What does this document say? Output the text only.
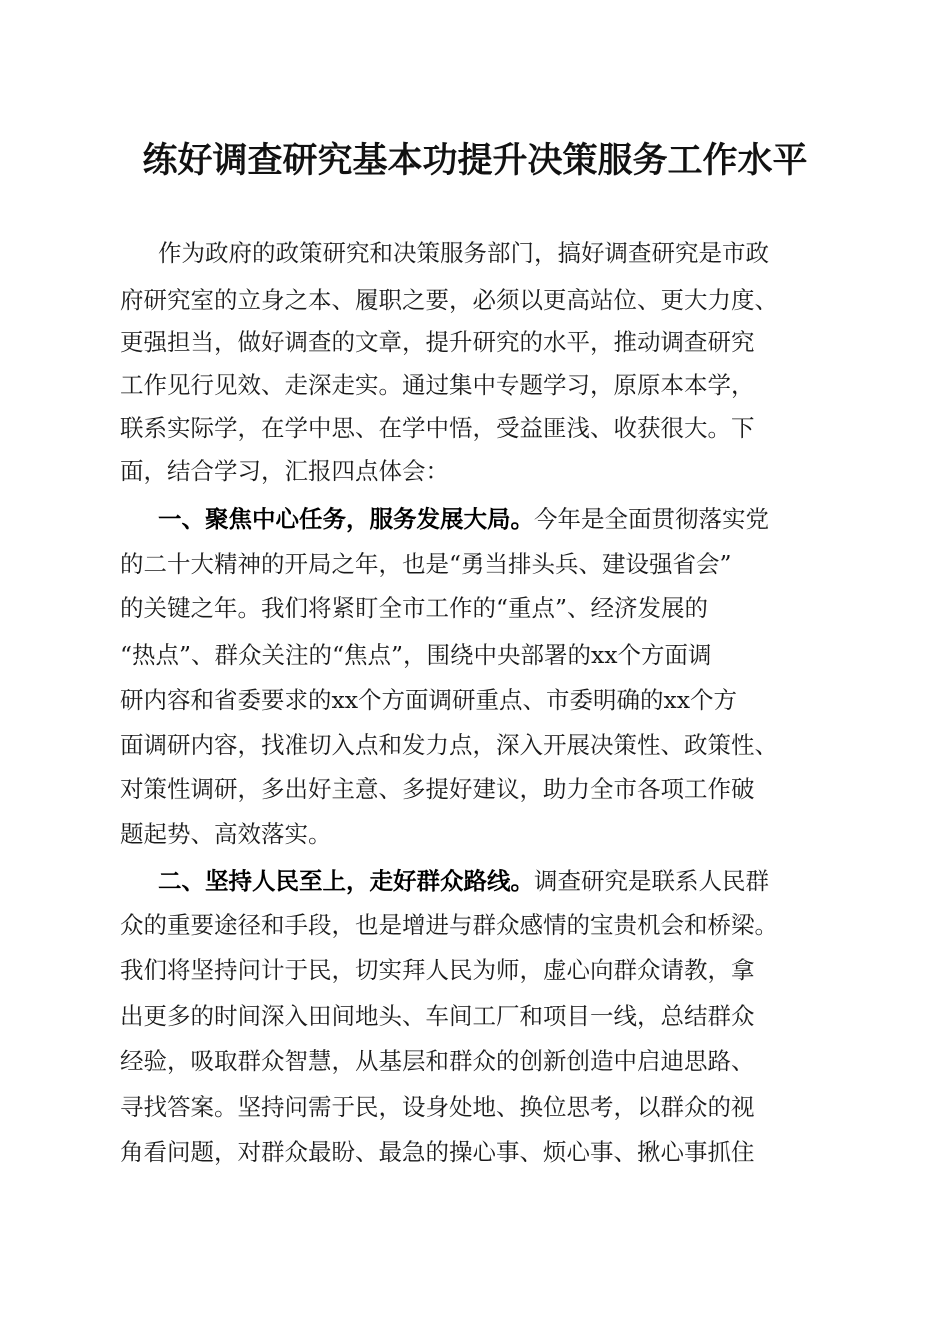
练好调查研究基本功提升决策服务工作水平
作为政府的政策研究和决策服务部门，搞好调查研究是市政
府研究室的立身之本、履职之要，必须以更高站位、更大力度、
更强担当，做好调查的文章，提升研究的水平，推动调查研究
工作见行见效、走深走实。通过集中专题学习，原原本本学，
联系实际学，在学中思、在学中悟，受益匪浅、收获很大。下
面，结合学习，汇报四点体会：
一、聚焦中心任务，服务发展大局。今年是全面贯彻落实党
的二十大精神的开局之年，也是“勇当排头兵、建设强省会”
的关键之年。我们将紧盯全市工作的“重点”、经济发展的
“热点”、群众关注的“焦点”，围绕中央部署的xx个方面调
研内容和省委要求的xx个方面调研重点、市委明确的xx个方
面调研内容，找准切入点和发力点，深入开展决策性、政策性、
对策性调研，多出好主意、多提好建议，助力全市各项工作破
题起势、高效落实。
二、坚持人民至上，走好群众路线。调查研究是联系人民群
众的重要途径和手段，也是增进与群众感情的宝贵机会和桥梁。
我们将坚持问计于民，切实拜人民为师，虚心向群众请教，拿
出更多的时间深入田间地头、车间工厂和项目一线，总结群众
经验，吸取群众智慧，从基层和群众的创新创造中启迪思路、
寻找答案。坚持问需于民，设身处地、换位思考，以群众的视
角看问题，对群众最盼、最急的操心事、烦心事、揪心事抓住
